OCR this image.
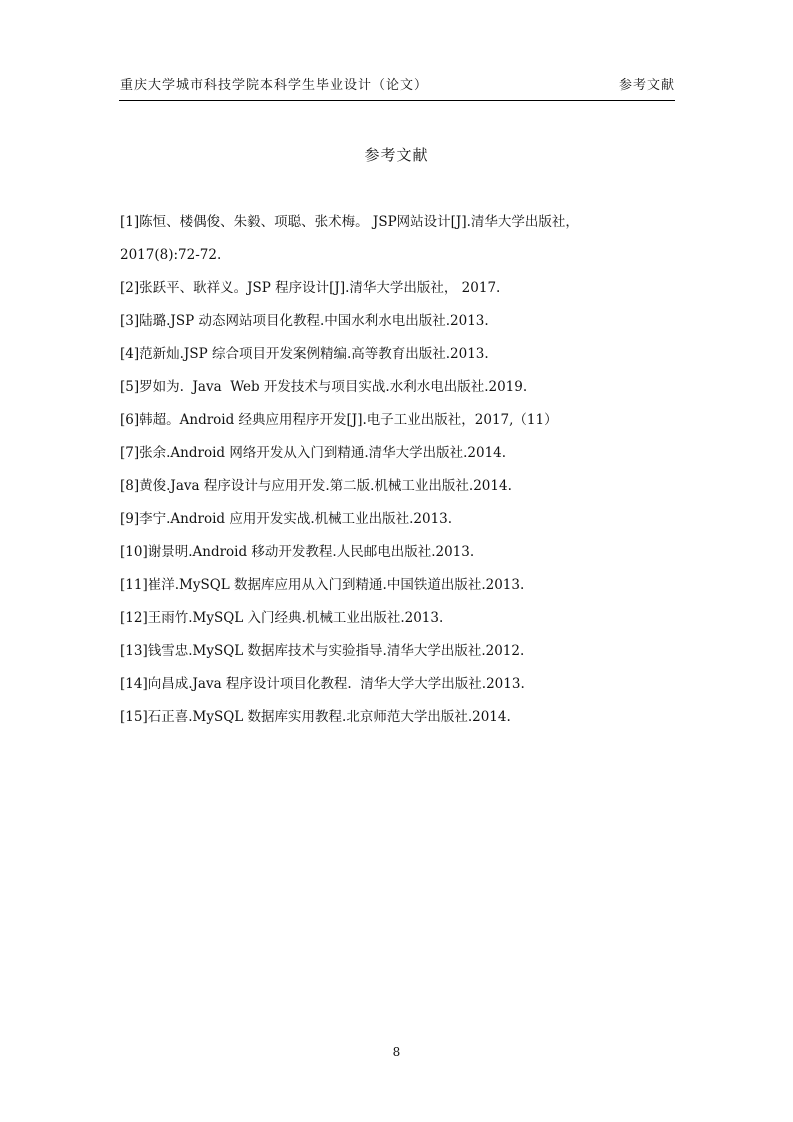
重庆大学城市科技学院本科学生毕业设计（论文）	参考文献
参考文献
[1]陈恒、楼偶俊、朱毅、项聪、张术梅。 JSP网站设计[J].清华大学出版社，
2017(8):72-72.
[2]张跃平、耿祥义。JSP 程序设计[J].清华大学出版社， 2017.
[3]陆璐.JSP 动态网站项目化教程.中国水利水电出版社.2013.
[4]范新灿.JSP 综合项目开发案例精编.高等教育出版社.2013.
[5]罗如为.  Java  Web 开发技术与项目实战.水利水电出版社.2019.
[6]韩超。Android 经典应用程序开发[J].电子工业出版社，2017,（11）
[7]张余.Android 网络开发从入门到精通.清华大学出版社.2014.
[8]黄俊.Java 程序设计与应用开发.第二版.机械工业出版社.2014.
[9]李宁.Android 应用开发实战.机械工业出版社.2013.
[10]谢景明.Android 移动开发教程.人民邮电出版社.2013.
[11]崔洋.MySQL 数据库应用从入门到精通.中国铁道出版社.2013.
[12]王雨竹.MySQL 入门经典.机械工业出版社.2013.
[13]钱雪忠.MySQL 数据库技术与实验指导.清华大学出版社.2012.
[14]向昌成.Java 程序设计项目化教程.  清华大学大学出版社.2013.
[15]石正喜.MySQL 数据库实用教程.北京师范大学出版社.2014.
8
